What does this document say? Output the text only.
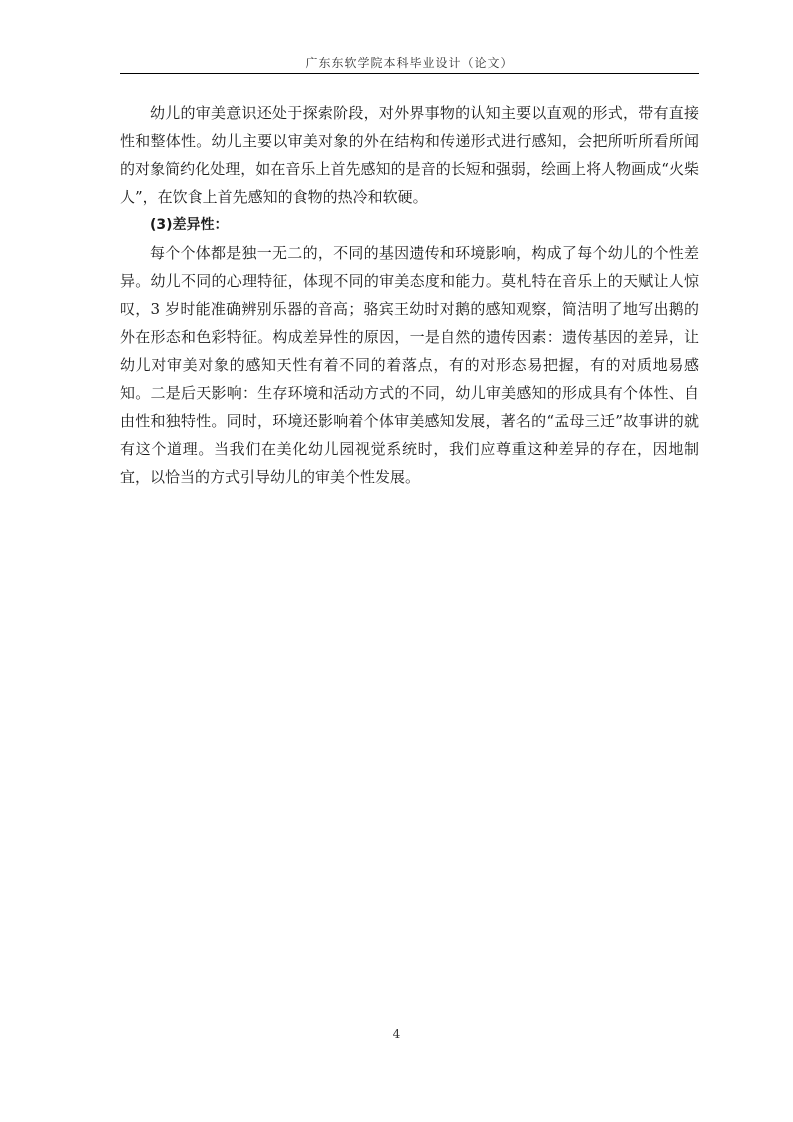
广东东软学院本科毕业设计（论文）

幼儿的审美意识还处于探索阶段，对外界事物的认知主要以直观的形式，带有直接性和整体性。幼儿主要以审美对象的外在结构和传递形式进行感知，会把所听所看所闻的对象简约化处理，如在音乐上首先感知的是音的长短和强弱，绘画上将人物画成“火柴人”，在饮食上首先感知的食物的热冷和软硬。

(3)差异性：

每个个体都是独一无二的，不同的基因遗传和环境影响，构成了每个幼儿的个性差异。幼儿不同的心理特征，体现不同的审美态度和能力。莫札特在音乐上的天赋让人惊叹，3 岁时能准确辨别乐器的音高；骆宾王幼时对鹅的感知观察，简洁明了地写出鹅的外在形态和色彩特征。构成差异性的原因，一是自然的遗传因素：遗传基因的差异，让幼儿对审美对象的感知天性有着不同的着落点，有的对形态易把握，有的对质地易感知。二是后天影响：生存环境和活动方式的不同，幼儿审美感知的形成具有个体性、自由性和独特性。同时，环境还影响着个体审美感知发展，著名的“孟母三迁”故事讲的就有这个道理。当我们在美化幼儿园视觉系统时，我们应尊重这种差异的存在，因地制宜，以恰当的方式引导幼儿的审美个性发展。

4
